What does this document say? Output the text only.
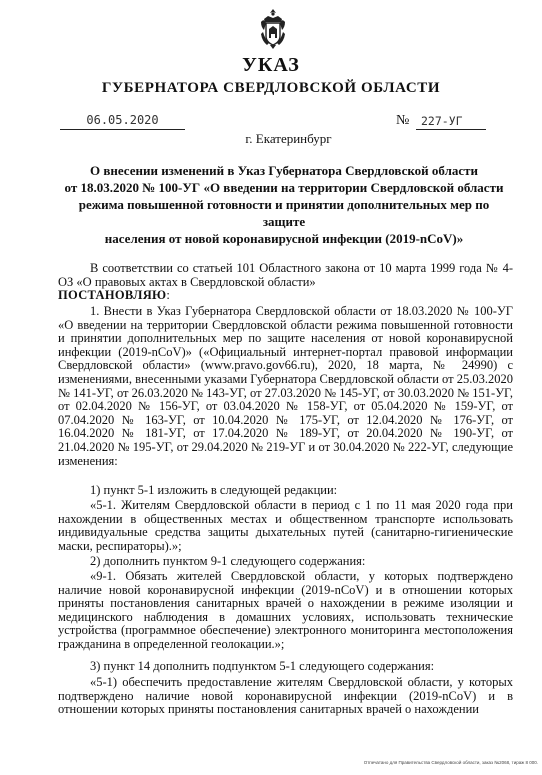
УКАЗ
ГУБЕРНАТОРА СВЕРДЛОВСКОЙ ОБЛАСТИ
06.05.2020	№ 227-УГ
г. Екатеринбург
О внесении изменений в Указ Губернатора Свердловской области
от 18.03.2020 № 100-УГ «О введении на территории Свердловской области
режима повышенной готовности и принятии дополнительных мер по защите
населения от новой коронавирусной инфекции (2019-nCoV)»

В соответствии со статьей 101 Областного закона от 10 марта 1999 года № 4-ОЗ «О правовых актах в Свердловской области»

ПОСТАНОВЛЯЮ:

1. Внести в Указ Губернатора Свердловской области от 18.03.2020 № 100-УГ «О введении на территории Свердловской области режима повышенной готовности и принятии дополнительных мер по защите населения от новой коронавирусной инфекции (2019-nCoV)» («Официальный интернет-портал правовой информации Свердловской области» (www.pravo.gov66.ru), 2020, 18 марта, № 24990) с изменениями, внесенными указами Губернатора Свердловской области от 25.03.2020 № 141-УГ, от 26.03.2020 № 143-УГ, от 27.03.2020 № 145-УГ, от 30.03.2020 № 151-УГ, от 02.04.2020 № 156-УГ, от 03.04.2020 № 158-УГ, от 05.04.2020 № 159-УГ, от 07.04.2020 № 163-УГ, от 10.04.2020 № 175-УГ, от 12.04.2020 № 176-УГ, от 16.04.2020 № 181-УГ, от 17.04.2020 № 189-УГ, от 20.04.2020 № 190-УГ, от 21.04.2020 № 195-УГ, от 29.04.2020 № 219-УГ и от 30.04.2020 № 222-УГ, следующие изменения:

1) пункт 5-1 изложить в следующей редакции:

«5-1. Жителям Свердловской области в период с 1 по 11 мая 2020 года при нахождении в общественных местах и общественном транспорте использовать индивидуальные средства защиты дыхательных путей (санитарно-гигиенические маски, респираторы).»;

2) дополнить пунктом 9-1 следующего содержания:

«9-1. Обязать жителей Свердловской области, у которых подтверждено наличие новой коронавирусной инфекции (2019-nCoV) и в отношении которых приняты постановления санитарных врачей о нахождении в режиме изоляции и медицинского наблюдения в домашних условиях, использовать технические устройства (программное обеспечение) электронного мониторинга местоположения гражданина в определенной геолокации.»;

3) пункт 14 дополнить подпунктом 5-1 следующего содержания:

«5-1) обеспечить предоставление жителям Свердловской области, у которых подтверждено наличие новой коронавирусной инфекции (2019-nCoV) и в отношении которых приняты постановления санитарных врачей о нахождении

Отпечатано для Правительства Свердловской области, заказ №2068, тираж 8 000.
